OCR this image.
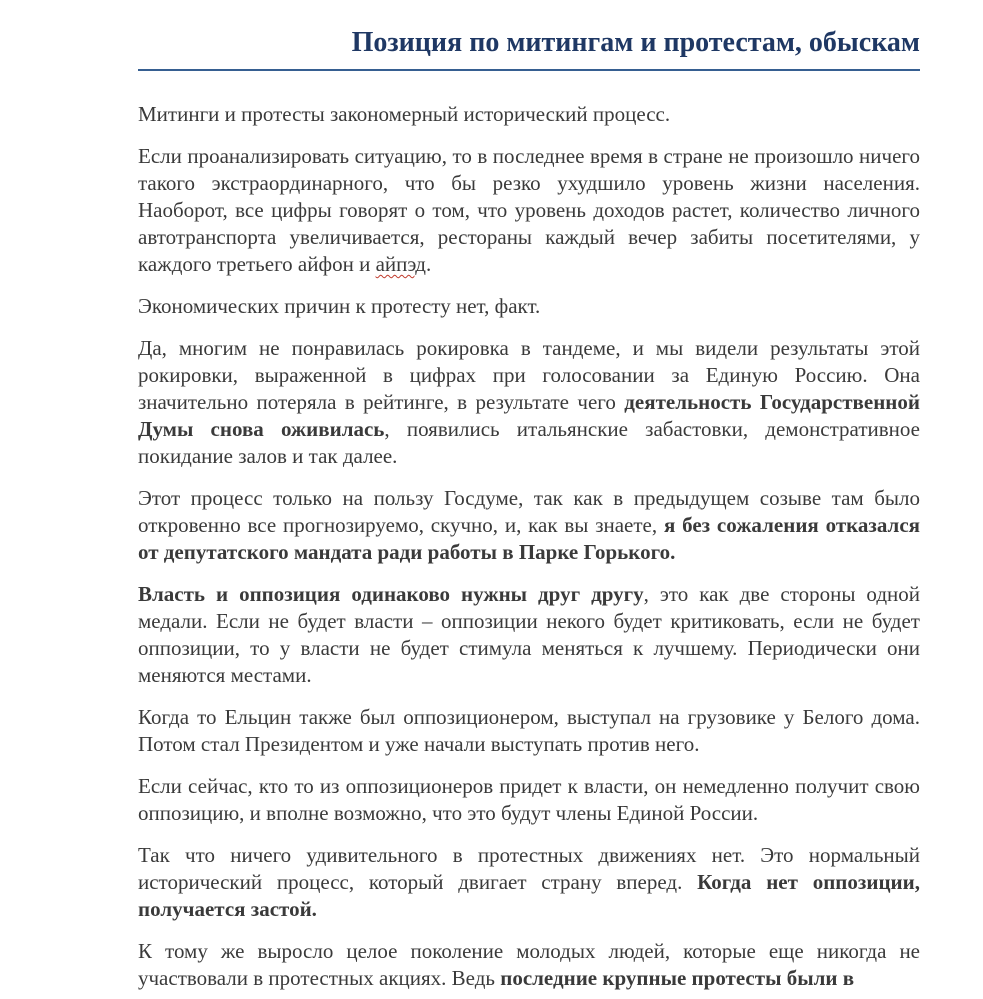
Позиция по митингам и протестам, обыскам

Митинги и протесты закономерный исторический процесс.

Если проанализировать ситуацию, то в последнее время в стране не произошло ничего такого экстраординарного, что бы резко ухудшило уровень жизни населения. Наоборот, все цифры говорят о том, что уровень доходов растет, количество личного автотранспорта увеличивается, рестораны каждый вечер забиты посетителями, у каждого третьего айфон и айпэд.

Экономических причин к протесту нет, факт.

Да, многим не понравилась рокировка в тандеме, и мы видели результаты этой рокировки, выраженной в цифрах при голосовании за Единую Россию. Она значительно потеряла в рейтинге, в результате чего деятельность Государственной Думы снова оживилась, появились итальянские забастовки, демонстративное покидание залов и так далее.

Этот процесс только на пользу Госдуме, так как в предыдущем созыве там было откровенно все прогнозируемо, скучно, и, как вы знаете, я без сожаления отказался от депутатского мандата ради работы в Парке Горького.

Власть и оппозиция одинаково нужны друг другу, это как две стороны одной медали. Если не будет власти – оппозиции некого будет критиковать, если не будет оппозиции, то у власти не будет стимула меняться к лучшему. Периодически они меняются местами.

Когда то Ельцин также был оппозиционером, выступал на грузовике у Белого дома. Потом стал Президентом и уже начали выступать против него.

Если сейчас, кто то из оппозиционеров придет к власти, он немедленно получит свою оппозицию, и вполне возможно, что это будут члены Единой России.

Так что ничего удивительного в протестных движениях нет. Это нормальный исторический процесс, который двигает страну вперед. Когда нет оппозиции, получается застой.

К тому же выросло целое поколение молодых людей, которые еще никогда не участвовали в протестных акциях. Ведь последние крупные протесты были в
